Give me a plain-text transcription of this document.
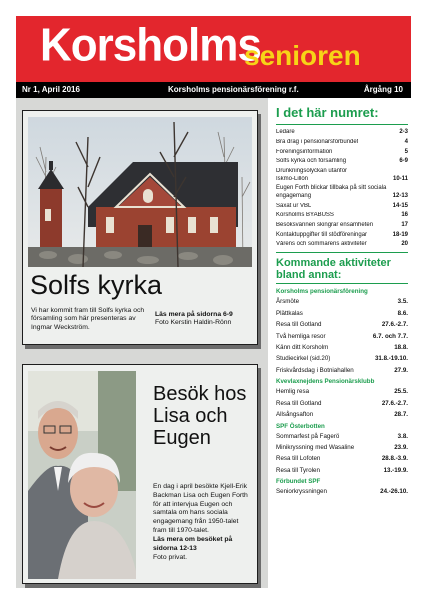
Korsholms
senioren
Nr 1, April 2016	Korsholms pensionärsförening r.f.	Årgång 10
Solfs kyrka
Vi har kommit fram till Solfs kyrka och församling som här presenteras av Ingmar Weckström.
Läs mera på sidorna 6-9
Foto Kerstin Haldin-Rönn
Besök hos Lisa och Eugen
En dag i april besökte Kjell-Erik Backman Lisa och Eugen Forth för att intervjua Eugen och samtala om hans sociala engagemang från 1950-talet fram till 1970-talet.
Läs mera om besöket på sidorna 12-13
Foto privat.
I det här numret:
Ledare	2-3
Bra drag i pensionärsförbundet	4
Föreningsinformation	5
Solfs kyrka och församling	6-9
Drunkningsolyckan utanför
Iskmo-Lillön	10-11
Eugen Forth blickar tillbaka på sitt sociala engagemang	12-13
Saxat ur VBL	14-15
Korsholms BYABUSS	16
Besöksvännen skingrar ensamheten	17
Kontaktuppgifter till stödföreningar	18-19
Vårens och sommarens aktiviteter	20
Kommande aktiviteter bland annat:
Korsholms pensionärsförening
Årsmöte	3.5.
Plättkalas	8.6.
Resa till Gotland	27.6.-2.7.
Två hemliga resor	6.7. och 7.7.
Känn ditt Korsholm	18.8.
Studiecirkel (sid.20)	31.8.-19.10.
Friskvårdsdag i Botniahallen	27.9.
Kvevlaxnejdens Pensionärsklubb
Hemlig resa	25.5.
Resa till Gotland	27.6.-2.7.
Allsångsafton	28.7.
SPF Österbotten
Sommarfest på Fagerö	3.8.
Minikryssning med Wasaline	23.9.
Resa till Lofoten	28.8.-3.9.
Resa till Tyrolen	13.-19.9.
Förbundet SPF
Seniorkryssningen	24.-26.10.
